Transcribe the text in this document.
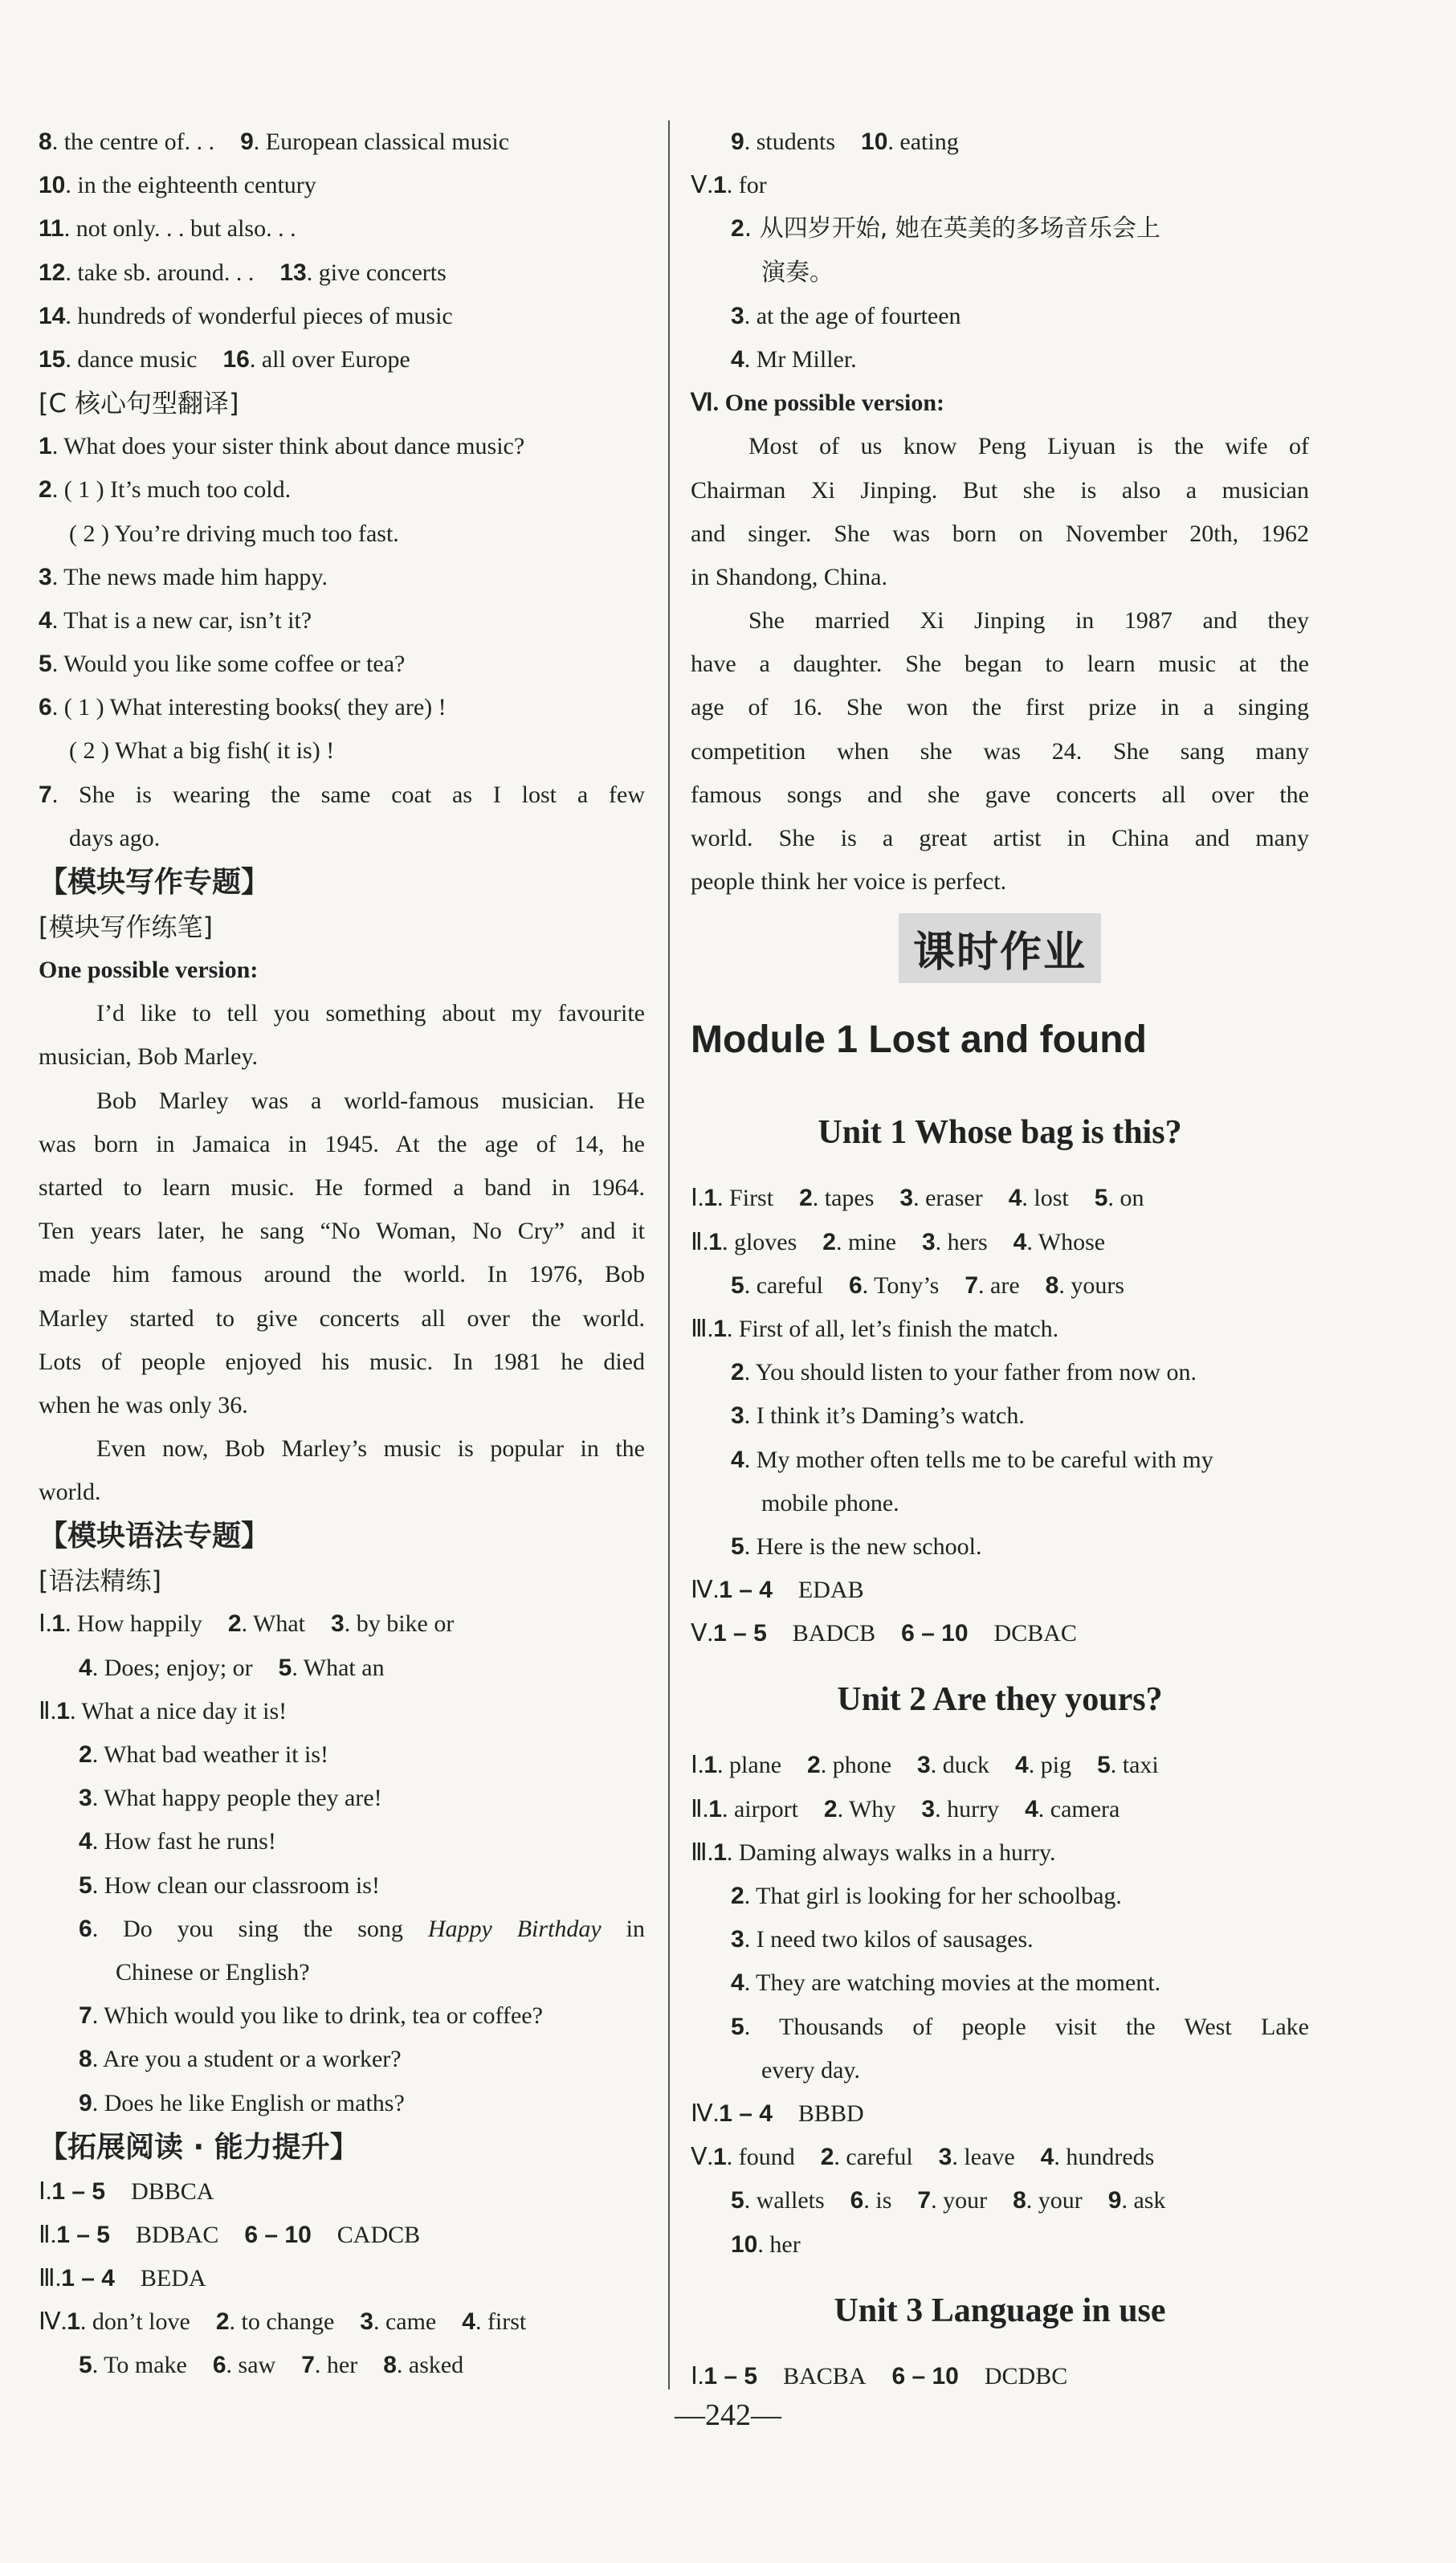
8. the centre of. . . 9. European classical music
10. in the eighteenth century
11. not only. . . but also. . .
12. take sb. around. . . 13. give concerts
14. hundreds of wonderful pieces of music
15. dance music 16. all over Europe
[C 核心句型翻译]
1. What does your sister think about dance music?
2. ( 1 ) It’s much too cold.
( 2 ) You’re driving much too fast.
3. The news made him happy.
4. That is a new car, isn’t it?
5. Would you like some coffee or tea?
6. ( 1 ) What interesting books( they are) !
( 2 ) What a big fish( it is) !
7. She is wearing the same coat as I lost a few
days ago.
【模块写作专题】
[模块写作练笔]
One possible version:
I’d like to tell you something about my favourite
musician, Bob Marley.
Bob Marley was a world-famous musician. He
was born in Jamaica in 1945. At the age of 14, he
started to learn music. He formed a band in 1964.
Ten years later, he sang “No Woman, No Cry” and it
made him famous around the world. In 1976, Bob
Marley started to give concerts all over the world.
Lots of people enjoyed his music. In 1981 he died
when he was only 36.
Even now, Bob Marley’s music is popular in the
world.
【模块语法专题】
[语法精练]
Ⅰ.1. How happily 2. What 3. by bike or
4. Does; enjoy; or 5. What an
Ⅱ.1. What a nice day it is!
2. What bad weather it is!
3. What happy people they are!
4. How fast he runs!
5. How clean our classroom is!
6. Do you sing the song Happy Birthday in
Chinese or English?
7. Which would you like to drink, tea or coffee?
8. Are you a student or a worker?
9. Does he like English or maths?
【拓展阅读 · 能力提升】
Ⅰ.1 – 5 DBBCA
Ⅱ.1 – 5 BDBAC 6 – 10 CADCB
Ⅲ.1 – 4 BEDA
Ⅳ.1. don’t love 2. to change 3. came 4. first
5. To make 6. saw 7. her 8. asked
9. students 10. eating
Ⅴ.1. for
2. 从四岁开始, 她在英美的多场音乐会上
演奏。
3. at the age of fourteen
4. Mr Miller.
Ⅵ. One possible version:
Most of us know Peng Liyuan is the wife of
Chairman Xi Jinping. But she is also a musician
and singer. She was born on November 20th, 1962
in Shandong, China.
She married Xi Jinping in 1987 and they
have a daughter. She began to learn music at the
age of 16. She won the first prize in a singing
competition when she was 24. She sang many
famous songs and she gave concerts all over the
world. She is a great artist in China and many
people think her voice is perfect.
课时作业
Module 1 Lost and found
Unit 1 Whose bag is this?
Ⅰ.1. First 2. tapes 3. eraser 4. lost 5. on
Ⅱ.1. gloves 2. mine 3. hers 4. Whose
5. careful 6. Tony’s 7. are 8. yours
Ⅲ.1. First of all, let’s finish the match.
2. You should listen to your father from now on.
3. I think it’s Daming’s watch.
4. My mother often tells me to be careful with my
mobile phone.
5. Here is the new school.
Ⅳ.1 – 4 EDAB
Ⅴ.1 – 5 BADCB 6 – 10 DCBAC
Unit 2 Are they yours?
Ⅰ.1. plane 2. phone 3. duck 4. pig 5. taxi
Ⅱ.1. airport 2. Why 3. hurry 4. camera
Ⅲ.1. Daming always walks in a hurry.
2. That girl is looking for her schoolbag.
3. I need two kilos of sausages.
4. They are watching movies at the moment.
5. Thousands of people visit the West Lake
every day.
Ⅳ.1 – 4 BBBD
Ⅴ.1. found 2. careful 3. leave 4. hundreds
5. wallets 6. is 7. your 8. your 9. ask
10. her
Unit 3 Language in use
Ⅰ.1 – 5 BACBA 6 – 10 DCDBC
—242—
